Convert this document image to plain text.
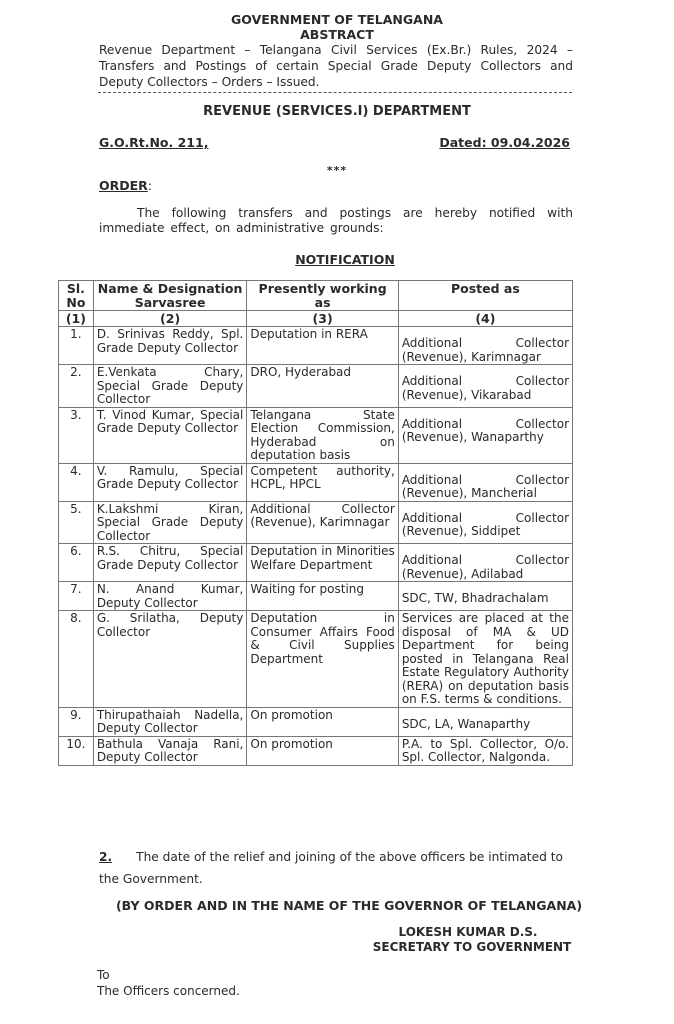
GOVERNMENT OF TELANGANA
ABSTRACT
Revenue Department – Telangana Civil Services (Ex.Br.) Rules, 2024 – Transfers and Postings of certain Special Grade Deputy Collectors and Deputy Collectors – Orders – Issued.
REVENUE (SERVICES.I) DEPARTMENT
G.O.Rt.No. 211,	Dated: 09.04.2026
***
ORDER:
The following transfers and postings are hereby notified with immediate effect, on administrative grounds:
NOTIFICATION
Sl. No	Name & Designation Sarvasree	Presently working as	Posted as
(1)	(2)	(3)	(4)
1.	D. Srinivas Reddy, Spl. Grade Deputy Collector	Deputation in RERA	Additional Collector (Revenue), Karimnagar
2.	E.Venkata Chary, Special Grade Deputy Collector	DRO, Hyderabad	Additional Collector (Revenue), Vikarabad
3.	T. Vinod Kumar, Special Grade Deputy Collector	Telangana State Election Commission, Hyderabad on deputation basis	Additional Collector (Revenue), Wanaparthy
4.	V. Ramulu, Special Grade Deputy Collector	Competent authority, HCPL, HPCL	Additional Collector (Revenue), Mancherial
5.	K.Lakshmi Kiran, Special Grade Deputy Collector	Additional Collector (Revenue), Karimnagar	Additional Collector (Revenue), Siddipet
6.	R.S. Chitru, Special Grade Deputy Collector	Deputation in Minorities Welfare Department	Additional Collector (Revenue), Adilabad
7.	N. Anand Kumar, Deputy Collector	Waiting for posting	SDC, TW, Bhadrachalam
8.	G. Srilatha, Deputy Collector	Deputation in Consumer Affairs Food & Civil Supplies Department	Services are placed at the disposal of MA & UD Department for being posted in Telangana Real Estate Regulatory Authority (RERA) on deputation basis on F.S. terms & conditions.
9.	Thirupathaiah Nadella, Deputy Collector	On promotion	SDC, LA, Wanaparthy
10.	Bathula Vanaja Rani, Deputy Collector	On promotion	P.A. to Spl. Collector, O/o. Spl. Collector, Nalgonda.
2. The date of the relief and joining of the above officers be intimated to the Government.
(BY ORDER AND IN THE NAME OF THE GOVERNOR OF TELANGANA)
LOKESH KUMAR D.S.
SECRETARY TO GOVERNMENT
To
The Officers concerned.
